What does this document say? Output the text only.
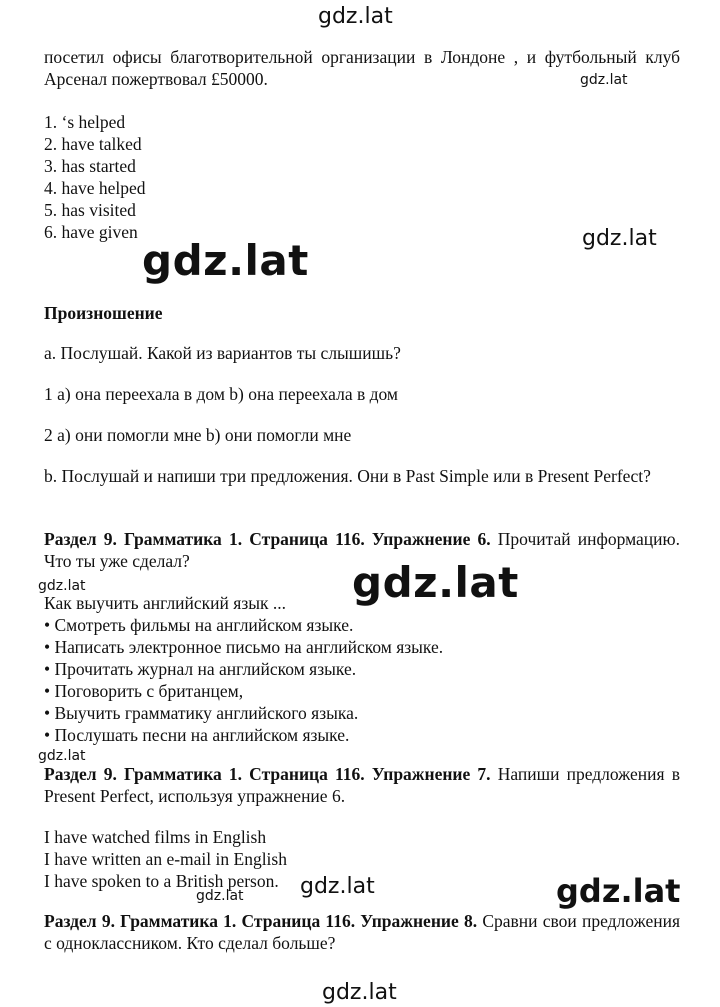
gdz.lat
gdz.lat
gdz.lat
gdz.lat
gdz.lat
gdz.lat
gdz.lat
gdz.lat
gdz.lat	gdz.lat
gdz.lat

посетил офисы благотворительной организации в Лондоне , и футбольный клуб Арсенал пожертвовал £50000.

1. ‘s helped
2. have talked
3. has started
4. have helped
5. has visited
6. have given

Произношение

a. Послушай. Какой из вариантов ты слышишь?

1 a) она переехала в дом b) она переехала в дом

2 a) они помогли мне b) они помогли мне

b. Послушай и напиши три предложения. Они в Past Simple или в Present Perfect?

Раздел 9. Грамматика 1. Страница 116. Упражнение 6. Прочитай информацию. Что ты уже сделал?

Как выучить английский язык ...
• Смотреть фильмы на английском языке.
• Написать электронное письмо на английском языке.
• Прочитать журнал на английском языке.
• Поговорить с британцем,
• Выучить грамматику английского языка.
• Послушать песни на английском языке.

Раздел 9. Грамматика 1. Страница 116. Упражнение 7. Напиши предложения в Present Perfect, используя упражнение 6.

I have watched films in English
I have written an e-mail in English
I have spoken to a British person.

Раздел 9. Грамматика 1. Страница 116. Упражнение 8. Сравни свои предложения с одноклассником. Кто сделал больше?
